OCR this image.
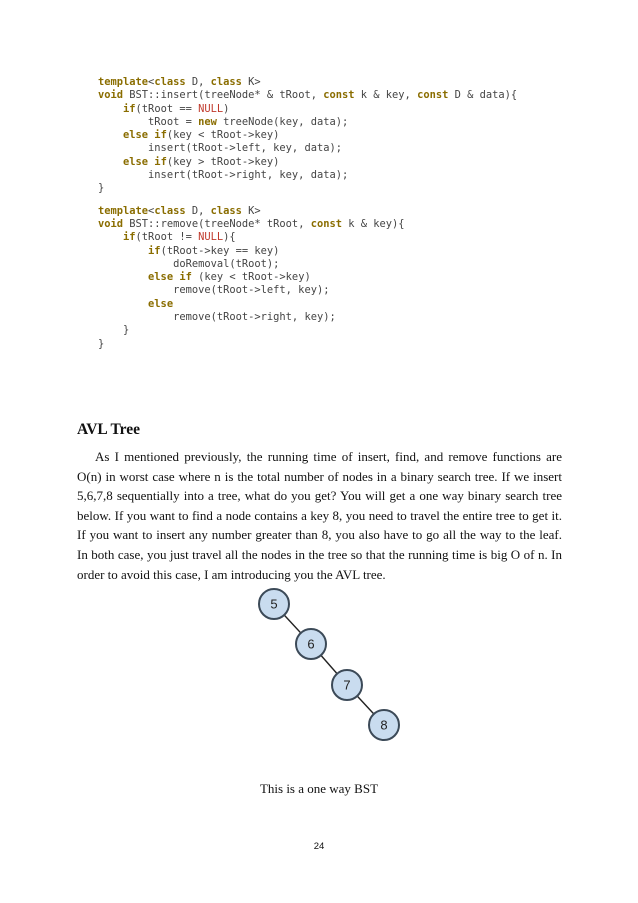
template<class D, class K>
void BST::insert(treeNode* & tRoot, const k & key, const D & data){
if(tRoot == NULL)
tRoot = new treeNode(key, data);
else if(key < tRoot->key)
insert(tRoot->left, key, data);
else if(key > tRoot->key)
insert(tRoot->right, key, data);
}
template<class D, class K>
void BST::remove(treeNode* tRoot, const k & key){
if(tRoot != NULL){
if(tRoot->key == key)
doRemoval(tRoot);
else if (key < tRoot->key)
remove(tRoot->left, key);
else
remove(tRoot->right, key);
}
}
AVL Tree

As I mentioned previously, the running time of insert, find, and remove functions are O(n) in worst case where n is the total number of nodes in a binary search tree. If we insert 5,6,7,8 sequentially into a tree, what do you get? You will get a one way binary search tree below. If you want to find a node contains a key 8, you need to travel the entire tree to get it. If you want to insert any number greater than 8, you also have to go all the way to the leaf. In both case, you just travel all the nodes in the tree so that the running time is big O of n. In order to avoid this case, I am introducing you the AVL tree.

5
6
7
8
This is a one way BST
24
